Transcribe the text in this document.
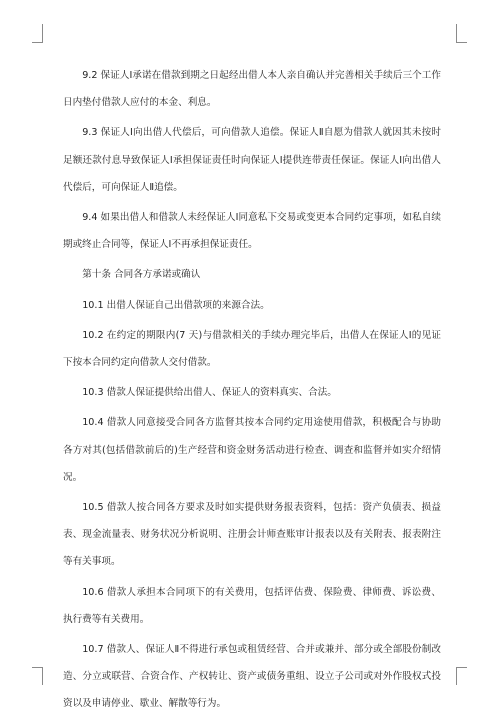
9.2 保证人Ⅰ承诺在借款到期之日起经出借人本人亲自确认并完善相关手续后三个工作日内垫付借款人应付的本金、利息。

9.3 保证人Ⅰ向出借人代偿后，可向借款人追偿。保证人Ⅱ自愿为借款人就因其未按时足额还款付息导致保证人Ⅰ承担保证责任时向保证人Ⅰ提供连带责任保证。保证人Ⅰ向出借人代偿后，可向保证人Ⅱ追偿。

9.4 如果出借人和借款人未经保证人Ⅰ同意私下交易或变更本合同约定事项，如私自续期或终止合同等，保证人Ⅰ不再承担保证责任。

第十条 合同各方承诺或确认

10.1 出借人保证自己出借款项的来源合法。

10.2 在约定的期限内(7 天)与借款相关的手续办理完毕后，出借人在保证人Ⅰ的见证下按本合同约定向借款人交付借款。

10.3 借款人保证提供给出借人、保证人的资料真实、合法。

10.4 借款人同意接受合同各方监督其按本合同约定用途使用借款，积极配合与协助各方对其(包括借款前后的)生产经营和资金财务活动进行检查、调查和监督并如实介绍情况。

10.5 借款人按合同各方要求及时如实提供财务报表资料，包括：资产负债表、损益表、现金流量表、财务状况分析说明、注册会计师查账审计报表以及有关附表、报表附注等有关事项。

10.6 借款人承担本合同项下的有关费用，包括评估费、保险费、律师费、诉讼费、执行费等有关费用。

10.7 借款人、保证人Ⅱ不得进行承包或租赁经营、合并或兼并、部分或全部股份制改造、分立或联营、合资合作、产权转让、资产或债务重组、设立子公司或对外作股权式投资以及申请停业、歇业、解散等行为。
